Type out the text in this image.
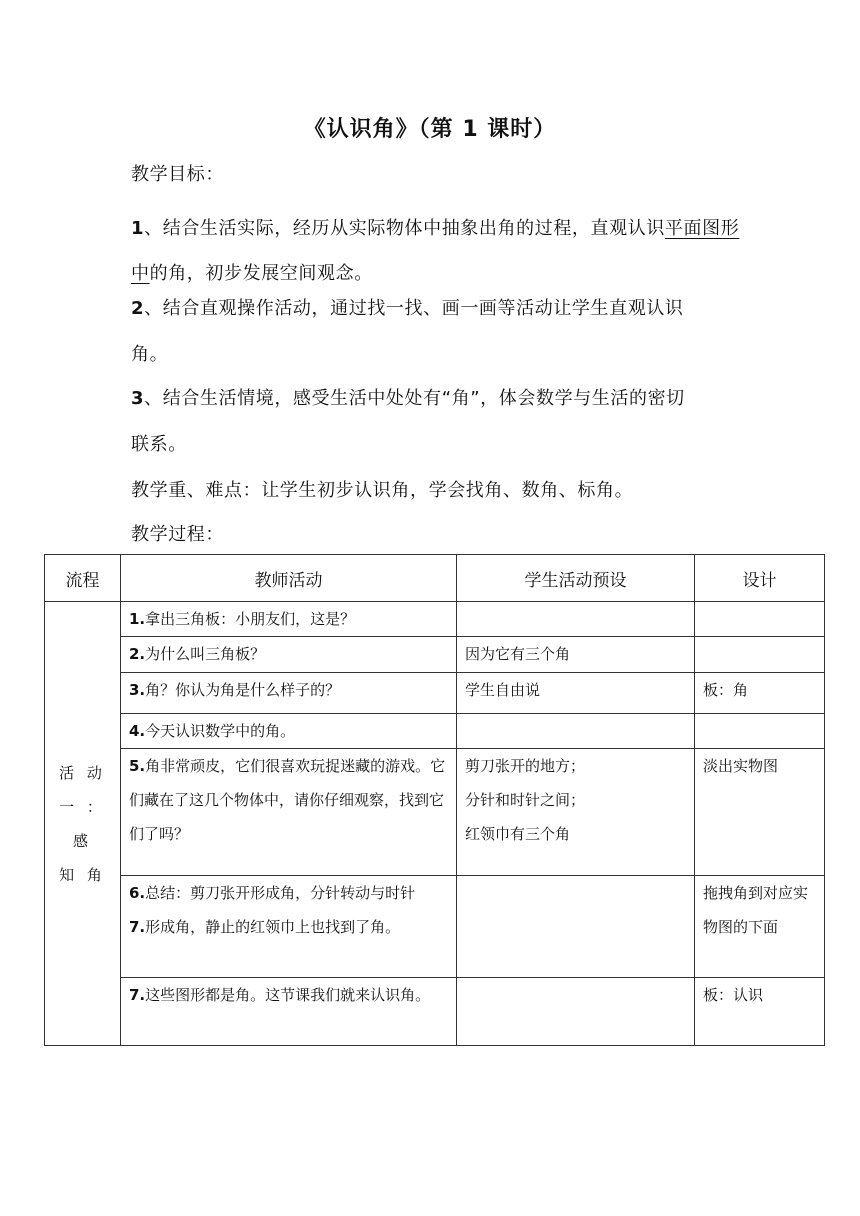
《认识角》（第 1 课时）
教学目标：
1、结合生活实际，经历从实际物体中抽象出角的过程，直观认识平面图形中的角，初步发展空间观念。
2、结合直观操作活动，通过找一找、画一画等活动让学生直观认识
角。
3、结合生活情境，感受生活中处处有“角”，体会数学与生活的密切
联系。
教学重、难点：让学生初步认识角，学会找角、数角、标角。
教学过程：
流程	教师活动	学生活动预设	设计

活 动
一 ：感
知 角	1.拿出三角板：小朋友们，这是？		
	2.为什么叫三角板？	因为它有三个角	
	3.角？你认为角是什么样子的？	学生自由说	板：角
	4.今天认识数学中的角。		
	5.角非常顽皮，它们很喜欢玩捉迷藏的游戏。它们藏在了这几个物体中，请你仔细观察，找到它们了吗？	剪刀张开的地方；
分针和时针之间；
红领巾有三个角	淡出实物图

	6.总结：剪刀张开形成角，分针转动与时针
7.形成角，静止的红领巾上也找到了角。		拖拽角到对应实物图的下面
	7.这些图形都是角。这节课我们就来认识角。		板：认识
